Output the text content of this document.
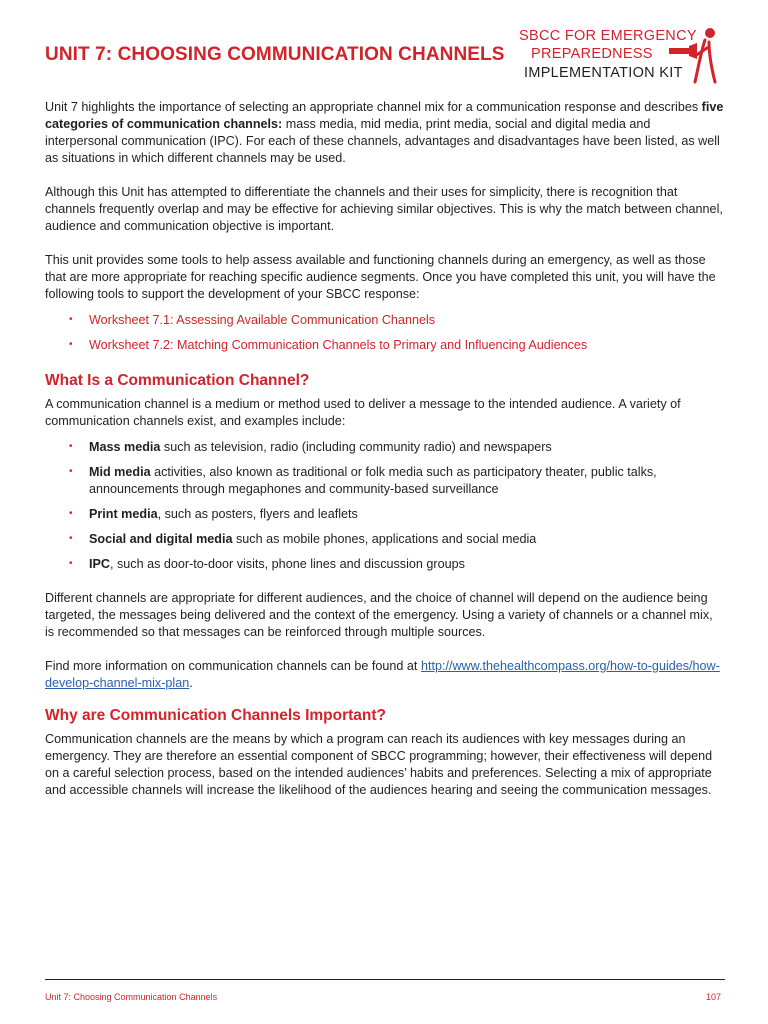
UNIT 7: CHOOSING COMMUNICATION CHANNELS
SBCC FOR EMERGENCY
PREPAREDNESS
IMPLEMENTATION KIT

Unit 7 highlights the importance of selecting an appropriate channel mix for a communication response and describes five categories of communication channels: mass media, mid media, print media, social and digital media and interpersonal communication (IPC). For each of these channels, advantages and disadvantages have been listed, as well as situations in which different channels may be used.

Although this Unit has attempted to differentiate the channels and their uses for simplicity, there is recognition that channels frequently overlap and may be effective for achieving similar objectives. This is why the match between channel, audience and communication objective is important.

This unit provides some tools to help assess available and functioning channels during an emergency, as well as those that are more appropriate for reaching specific audience segments. Once you have completed this unit, you will have the following tools to support the development of your SBCC response:

• Worksheet 7.1: Assessing Available Communication Channels
• Worksheet 7.2: Matching Communication Channels to Primary and Influencing Audiences
What Is a Communication Channel?

A communication channel is a medium or method used to deliver a message to the intended audience. A variety of communication channels exist, and examples include:

• Mass media such as television, radio (including community radio) and newspapers
• Mid media activities, also known as traditional or folk media such as participatory theater, public talks, announcements through megaphones and community-based surveillance
• Print media, such as posters, flyers and leaflets
• Social and digital media such as mobile phones, applications and social media
• IPC, such as door-to-door visits, phone lines and discussion groups

Different channels are appropriate for different audiences, and the choice of channel will depend on the audience being targeted, the messages being delivered and the context of the emergency. Using a variety of channels or a channel mix, is recommended so that messages can be reinforced through multiple sources.

Find more information on communication channels can be found at http://www.thehealthcompass.org/how-to-guides/how-develop-channel-mix-plan.

Why are Communication Channels Important?

Communication channels are the means by which a program can reach its audiences with key messages during an emergency. They are therefore an essential component of SBCC programming; however, their effectiveness will depend on a careful selection process, based on the intended audiences’ habits and preferences. Selecting a mix of appropriate and accessible channels will increase the likelihood of the audiences hearing and seeing the communication messages.

Unit 7: Choosing Communication Channels	107
